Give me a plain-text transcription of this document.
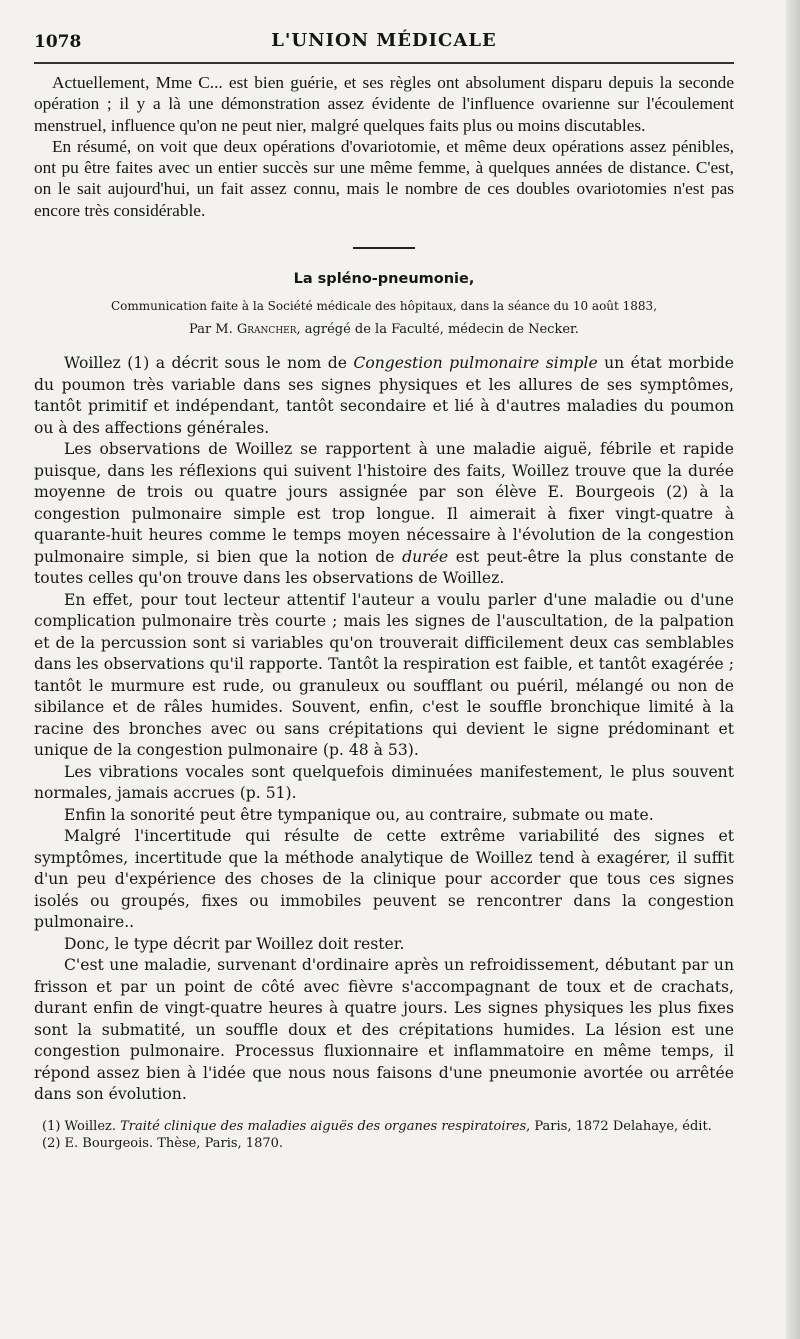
1078	L'UNION MÉDICALE

Actuellement, Mme C... est bien guérie, et ses règles ont absolument disparu depuis la seconde opération ; il y a là une démonstration assez évidente de l'influence ovarienne sur l'écoulement menstruel, influence qu'on ne peut nier, malgré quelques faits plus ou moins discutables.

En résumé, on voit que deux opérations d'ovariotomie, et même deux opérations assez pénibles, ont pu être faites avec un entier succès sur une même femme, à quelques années de distance. C'est, on le sait aujourd'hui, un fait assez connu, mais le nombre de ces doubles ovariotomies n'est pas encore très considérable.

La spléno-pneumonie,
Communication faite à la Société médicale des hôpitaux, dans la séance du 10 août 1883,
Par M. Grancher, agrégé de la Faculté, médecin de Necker.

Woillez (1) a décrit sous le nom de Congestion pulmonaire simple un état morbide du poumon très variable dans ses signes physiques et les allures de ses symptômes, tantôt primitif et indépendant, tantôt secondaire et lié à d'autres maladies du poumon ou à des affections générales.

Les observations de Woillez se rapportent à une maladie aiguë, fébrile et rapide puisque, dans les réflexions qui suivent l'histoire des faits, Woillez trouve que la durée moyenne de trois ou quatre jours assignée par son élève E. Bourgeois (2) à la congestion pulmonaire simple est trop longue. Il aimerait à fixer vingt-quatre à quarante-huit heures comme le temps moyen nécessaire à l'évolution de la congestion pulmonaire simple, si bien que la notion de durée est peut-être la plus constante de toutes celles qu'on trouve dans les observations de Woillez.

En effet, pour tout lecteur attentif l'auteur a voulu parler d'une maladie ou d'une complication pulmonaire très courte ; mais les signes de l'auscultation, de la palpation et de la percussion sont si variables qu'on trouverait difficilement deux cas semblables dans les observations qu'il rapporte. Tantôt la respiration est faible, et tantôt exagérée ; tantôt le murmure est rude, ou granuleux ou soufflant ou puéril, mélangé ou non de sibilance et de râles humides. Souvent, enfin, c'est le souffle bronchique limité à la racine des bronches avec ou sans crépitations qui devient le signe prédominant et unique de la congestion pulmonaire (p. 48 à 53).

Les vibrations vocales sont quelquefois diminuées manifestement, le plus souvent normales, jamais accrues (p. 51).

Enfin la sonorité peut être tympanique ou, au contraire, submate ou mate.

Malgré l'incertitude qui résulte de cette extrême variabilité des signes et symptômes, incertitude que la méthode analytique de Woillez tend à exagérer, il suffit d'un peu d'expérience des choses de la clinique pour accorder que tous ces signes isolés ou groupés, fixes ou immobiles peuvent se rencontrer dans la congestion pulmonaire..

Donc, le type décrit par Woillez doit rester.

C'est une maladie, survenant d'ordinaire après un refroidissement, débutant par un frisson et par un point de côté avec fièvre s'accompagnant de toux et de crachats, durant enfin de vingt-quatre heures à quatre jours. Les signes physiques les plus fixes sont la submatité, un souffle doux et des crépitations humides. La lésion est une congestion pulmonaire. Processus fluxionnaire et inflammatoire en même temps, il répond assez bien à l'idée que nous nous faisons d'une pneumonie avortée ou arrêtée dans son évolution.

(1) Woillez. Traité clinique des maladies aiguës des organes respiratoires, Paris, 1872 Delahaye, édit.

(2) E. Bourgeois. Thèse, Paris, 1870.
